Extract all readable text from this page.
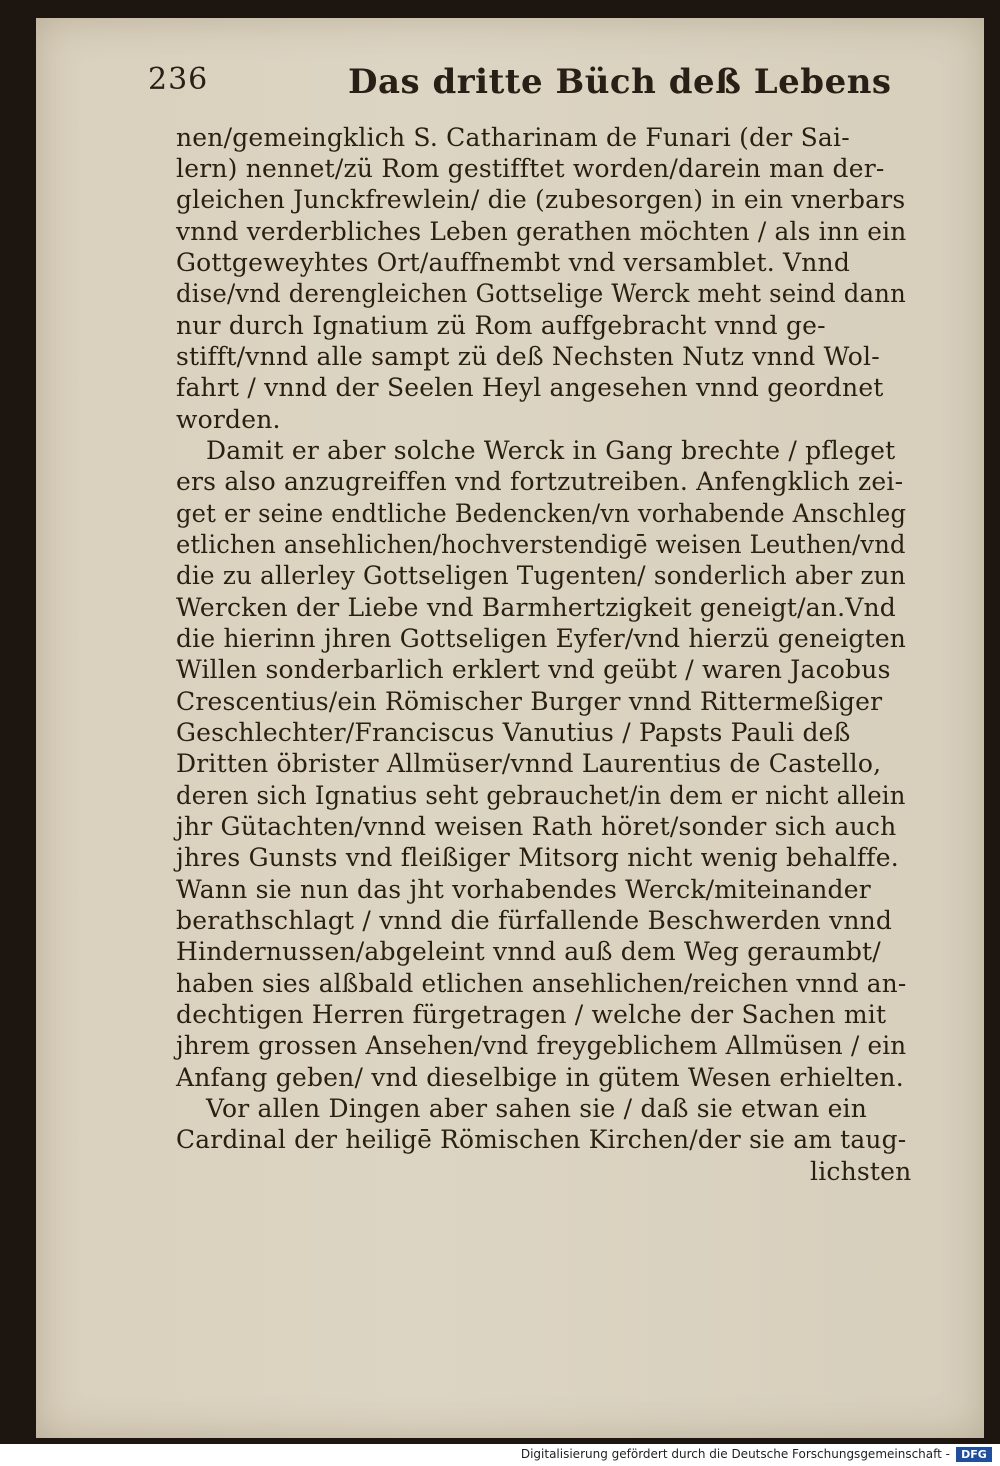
236	Das dritte Büch deß Lebens
nen/gemeingklich S. Catharinam de Funari (der Sai-
lern) nennet/zü Rom gestifftet worden/darein man der-
gleichen Junckfrewlein/ die (zubesorgen) in ein vnerbars
vnnd verderbliches Leben gerathen möchten / als inn ein
Gottgeweyhtes Ort/auffnembt vnd versamblet. Vnnd
dise/vnd derengleichen Gottselige Werck meht seind dann
nur durch Ignatium zü Rom auffgebracht vnnd ge-
stifft/vnnd alle sampt zü deß Nechsten Nutz vnnd Wol-
fahrt / vnnd der Seelen Heyl angesehen vnnd geordnet
worden.
Damit er aber solche Werck in Gang brechte / pfleget
ers also anzugreiffen vnd fortzutreiben. Anfengklich zei-
get er seine endtliche Bedencken/vn vorhabende Anschleg
etlichen ansehlichen/hochverstendigē weisen Leuthen/vnd
die zu allerley Gottseligen Tugenten/ sonderlich aber zun
Wercken der Liebe vnd Barmhertzigkeit geneigt/an.Vnd
die hierinn jhren Gottseligen Eyfer/vnd hierzü geneigten
Willen sonderbarlich erklert vnd geübt / waren Jacobus
Crescentius/ein Römischer Burger vnnd Rittermeßiger
Geschlechter/Franciscus Vanutius / Papsts Pauli deß
Dritten öbrister Allmüser/vnnd Laurentius de Castello,
deren sich Ignatius seht gebrauchet/in dem er nicht allein
jhr Gütachten/vnnd weisen Rath höret/sonder sich auch
jhres Gunsts vnd fleißiger Mitsorg nicht wenig behalffe.
Wann sie nun das jht vorhabendes Werck/miteinander
berathschlagt / vnnd die fürfallende Beschwerden vnnd
Hindernussen/abgeleint vnnd auß dem Weg geraumbt/
haben sies alßbald etlichen ansehlichen/reichen vnnd an-
dechtigen Herren fürgetragen / welche der Sachen mit
jhrem grossen Ansehen/vnd freygeblichem Allmüsen / ein
Anfang geben/ vnd dieselbige in gütem Wesen erhielten.
Vor allen Dingen aber sahen sie / daß sie etwan ein
Cardinal der heiligē Römischen Kirchen/der sie am taug-
lichsten
Digitalisierung gefördert durch die Deutsche Forschungsgemeinschaft -	DFG
